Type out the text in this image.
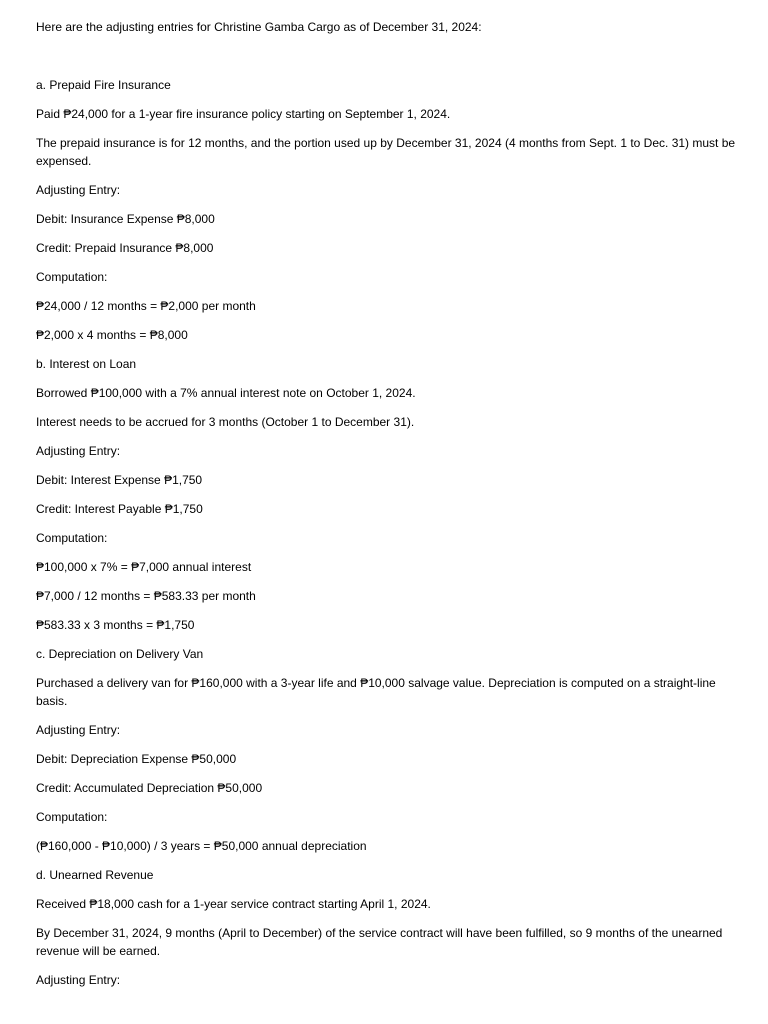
Here are the adjusting entries for Christine Gamba Cargo as of December 31, 2024:

a. Prepaid Fire Insurance

Paid ₱24,000 for a 1-year fire insurance policy starting on September 1, 2024.

The prepaid insurance is for 12 months, and the portion used up by December 31, 2024 (4 months from Sept. 1 to Dec. 31) must be expensed.

Adjusting Entry:

Debit: Insurance Expense ₱8,000

Credit: Prepaid Insurance ₱8,000

Computation:

₱24,000 / 12 months = ₱2,000 per month

₱2,000 x 4 months = ₱8,000

b. Interest on Loan

Borrowed ₱100,000 with a 7% annual interest note on October 1, 2024.

Interest needs to be accrued for 3 months (October 1 to December 31).

Adjusting Entry:

Debit: Interest Expense ₱1,750

Credit: Interest Payable ₱1,750

Computation:

₱100,000 x 7% = ₱7,000 annual interest

₱7,000 / 12 months = ₱583.33 per month

₱583.33 x 3 months = ₱1,750

c. Depreciation on Delivery Van

Purchased a delivery van for ₱160,000 with a 3-year life and ₱10,000 salvage value. Depreciation is computed on a straight-line basis.

Adjusting Entry:

Debit: Depreciation Expense ₱50,000

Credit: Accumulated Depreciation ₱50,000

Computation:

(₱160,000 - ₱10,000) / 3 years = ₱50,000 annual depreciation

d. Unearned Revenue

Received ₱18,000 cash for a 1-year service contract starting April 1, 2024.

By December 31, 2024, 9 months (April to December) of the service contract will have been fulfilled, so 9 months of the unearned revenue will be earned.

Adjusting Entry:
